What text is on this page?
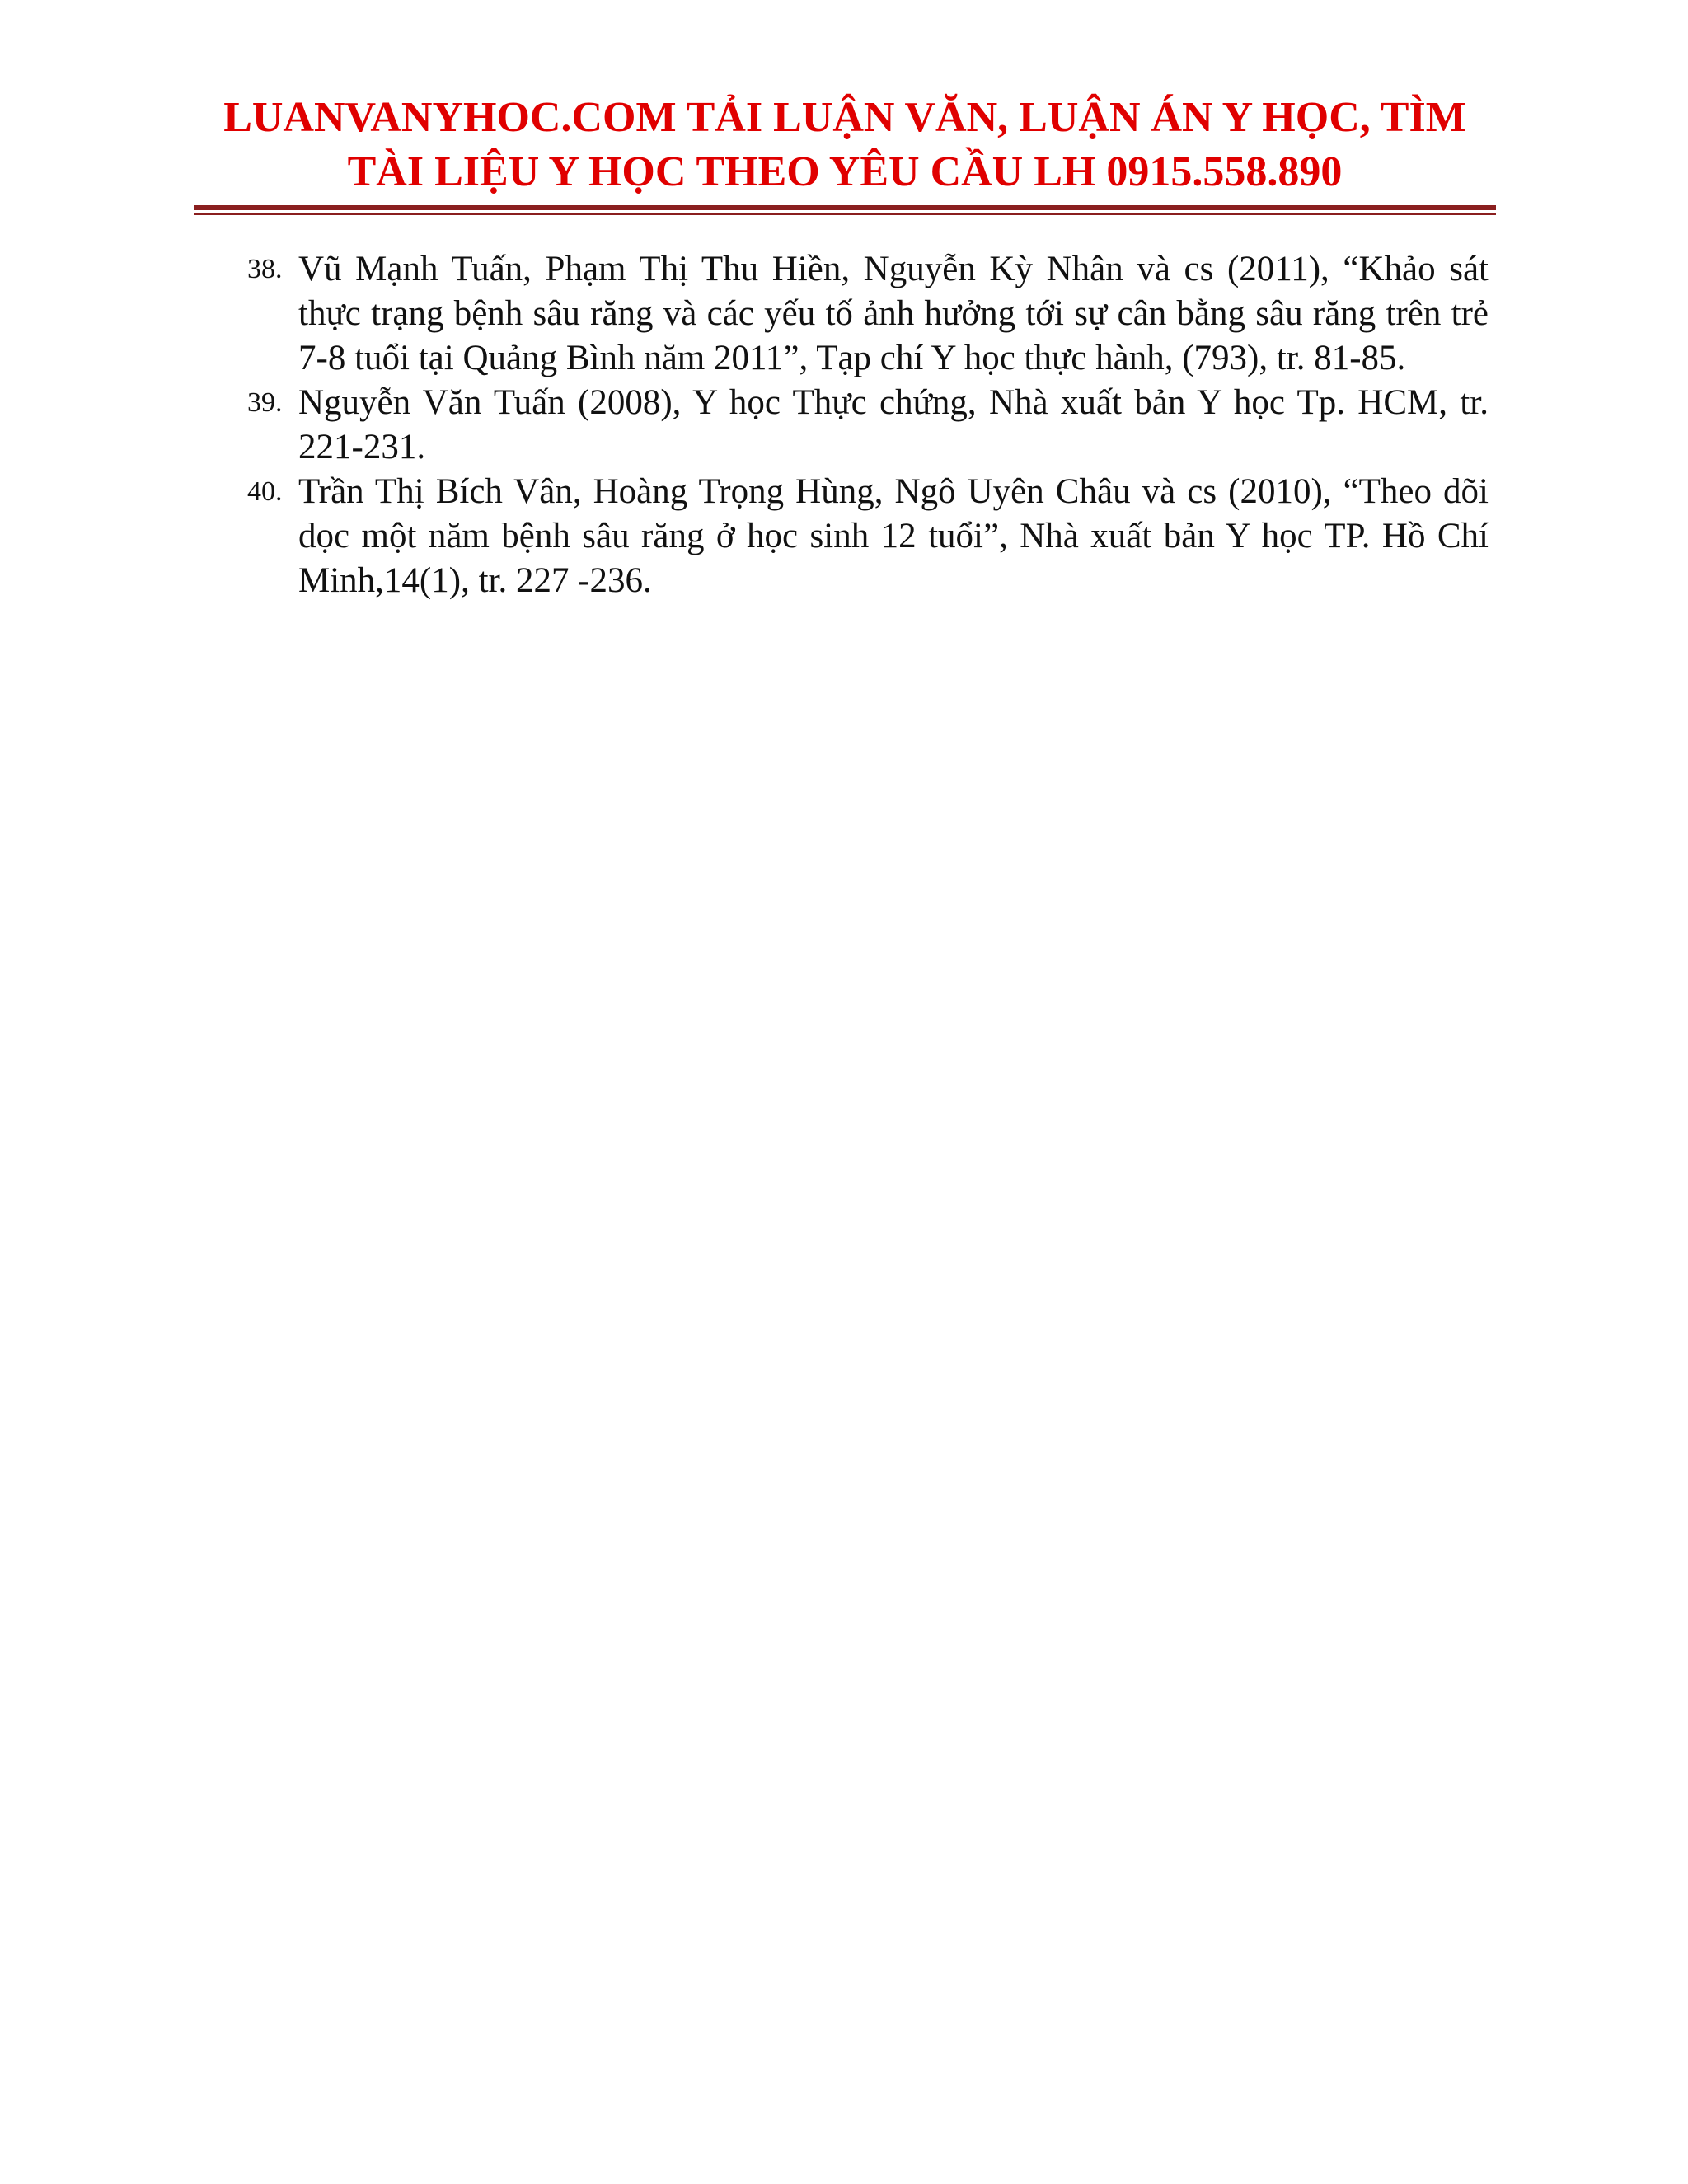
LUANVANYHOC.COM TẢI LUẬN VĂN, LUẬN ÁN Y HỌC, TÌM
TÀI LIỆU Y HỌC THEO YÊU CẦU LH 0915.558.890
38. Vũ Mạnh Tuấn, Phạm Thị Thu Hiền, Nguyễn Kỳ Nhân và cs (2011), “Khảo sát thực trạng bệnh sâu răng và các yếu tố ảnh hưởng tới sự cân bằng sâu răng trên trẻ 7-8 tuổi tại Quảng Bình năm 2011”, Tạp chí Y học thực hành, (793), tr. 81-85.
39. Nguyễn Văn Tuấn (2008), Y học Thực chứng, Nhà xuất bản Y học Tp. HCM, tr. 221-231.
40. Trần Thị Bích Vân, Hoàng Trọng Hùng, Ngô Uyên Châu và cs (2010), “Theo dõi dọc một năm bệnh sâu răng ở học sinh 12 tuổi”, Nhà xuất bản Y học TP. Hồ Chí Minh,14(1), tr. 227 -236.
